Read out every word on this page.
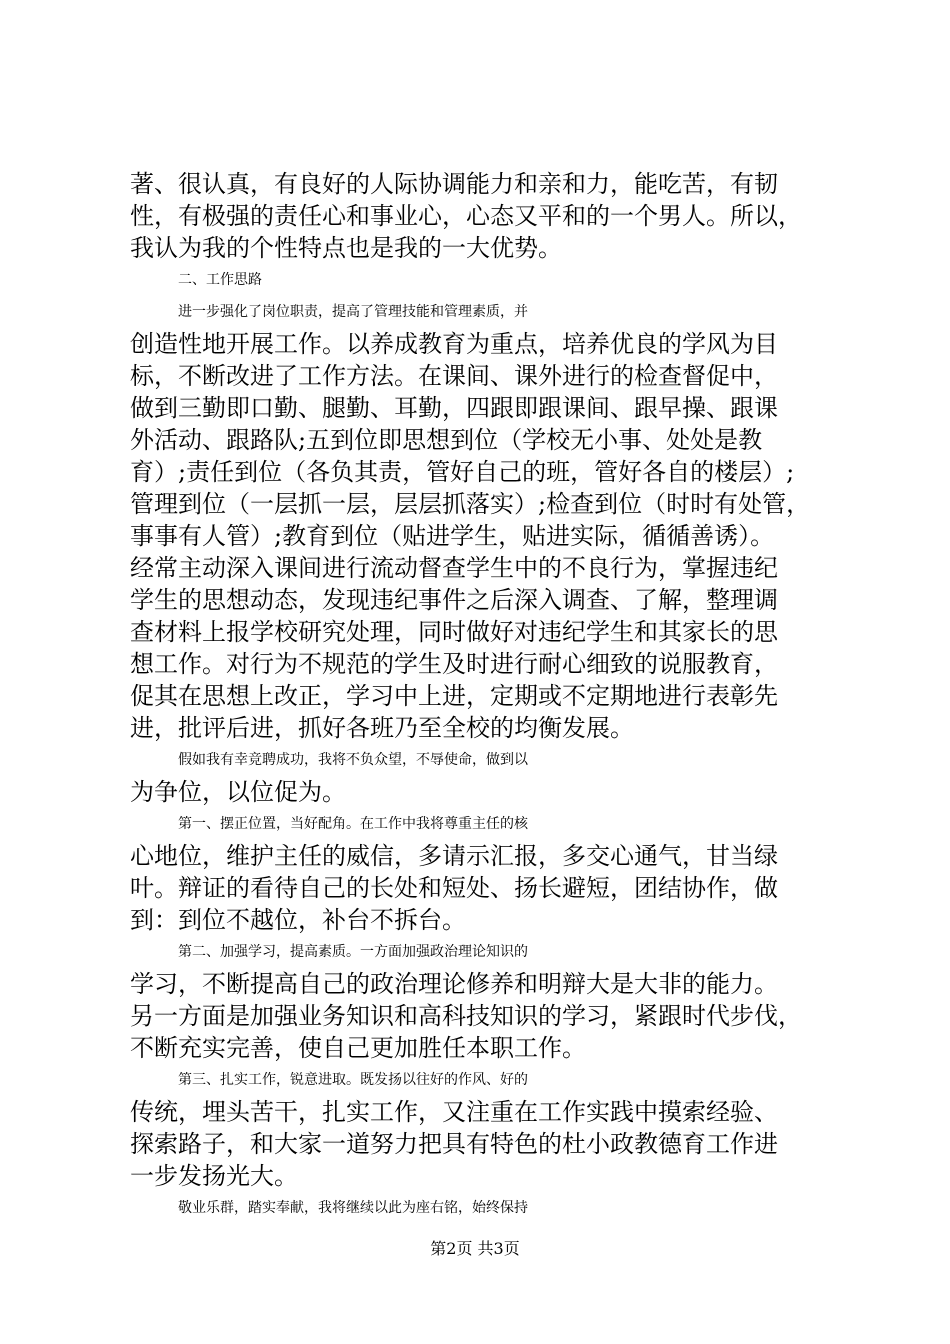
著、很认真，有良好的人际协调能力和亲和力，能吃苦，有韧
性，有极强的责任心和事业心，心态又平和的一个男人。所以，
我认为我的个性特点也是我的一大优势。
二、工作思路
进一步强化了岗位职责，提高了管理技能和管理素质，并
创造性地开展工作。以养成教育为重点，培养优良的学风为目
标，不断改进了工作方法。在课间、课外进行的检查督促中，
做到三勤即口勤、腿勤、耳勤，四跟即跟课间、跟早操、跟课
外活动、跟路队;五到位即思想到位（学校无小事、处处是教
育）;责任到位（各负其责，管好自己的班，管好各自的楼层）;
管理到位（一层抓一层，层层抓落实）;检查到位（时时有处管，
事事有人管）;教育到位（贴进学生，贴进实际，循循善诱）。
经常主动深入课间进行流动督查学生中的不良行为，掌握违纪
学生的思想动态，发现违纪事件之后深入调查、了解，整理调
查材料上报学校研究处理，同时做好对违纪学生和其家长的思
想工作。对行为不规范的学生及时进行耐心细致的说服教育，
促其在思想上改正，学习中上进，定期或不定期地进行表彰先
进，批评后进，抓好各班乃至全校的均衡发展。
假如我有幸竞聘成功，我将不负众望，不辱使命，做到以
为争位，以位促为。
第一、摆正位置，当好配角。在工作中我将尊重主任的核
心地位，维护主任的威信，多请示汇报，多交心通气，甘当绿
叶。辩证的看待自己的长处和短处、扬长避短，团结协作，做
到：到位不越位，补台不拆台。
第二、加强学习，提高素质。一方面加强政治理论知识的
学习，不断提高自己的政治理论修养和明辩大是大非的能力。
另一方面是加强业务知识和高科技知识的学习，紧跟时代步伐，
不断充实完善，使自己更加胜任本职工作。
第三、扎实工作，锐意进取。既发扬以往好的作风、好的
传统，埋头苦干，扎实工作，又注重在工作实践中摸索经验、
探索路子，和大家一道努力把具有特色的杜小政教德育工作进
一步发扬光大。
敬业乐群，踏实奉献，我将继续以此为座右铭，始终保持
第2页 共3页
